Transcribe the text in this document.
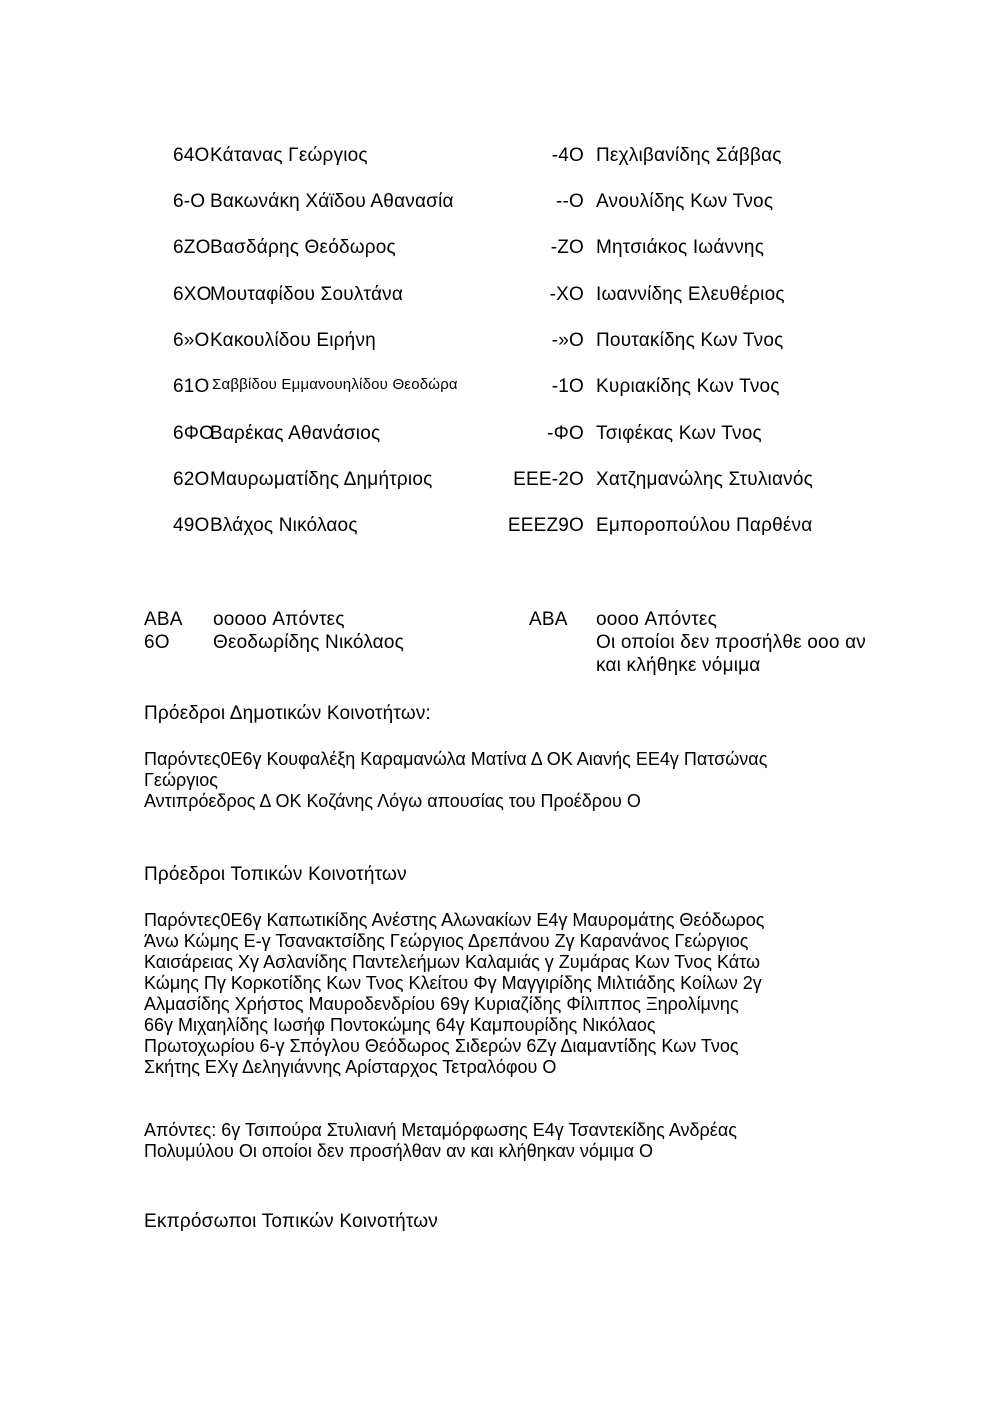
64Ο Κάτανας Γεώργιος
6-Ο Βακωνάκη Χάϊδου Αθανασία
6ΖΟ Βασδάρης Θεόδωρος
6ΧΟ
Μουταφίδου Σουλτάνα
6»Ο Κακουλίδου Ειρήνη
61Ο Σαββίδου Εμμανουηλίδου Θεοδώρα
6ΦΟ
Βαρέκας Αθανάσιος
62Ο Μαυρωματίδης Δημήτριος
49Ο Βλάχος Νικόλαος
-4Ο Πεχλιβανίδης Σάββας
--Ο Ανουλίδης Κων Τνος
-ΖΟ Μητσιάκος Ιωάννης
-ΧΟ Ιωαννίδης Ελευθέριος
-»Ο Πουτακίδης Κων Τνος
-1Ο Κυριακίδης Κων Τνος
-ΦΟ Τσιφέκας Κων Τνος
ΕΕΕ-2Ο Χατζημανώλης Στυλιανός
ΕΕΕΖ9Ο Εμποροπούλου Παρθένα
ΑΒΑ ooooo Απόντες
6Ο Θεοδωρίδης Νικόλαος
ΑΒΑ oooo Απόντες
Οι οποίοι δεν προσήλθε ooo αν
και κλήθηκε νόμιμα
Πρόεδροι Δημοτικών Κοινοτήτων:

Παρόντες0Ε6γ Κουφαλέξη Καραμανώλα Ματίνα Δ ΟΚ Αιανής ΕΕ4γ Πατσώνας

Γεώργιος

Αντιπρόεδρος Δ ΟΚ Κοζάνης Λόγω απουσίας του Προέδρου Ο

Πρόεδροι Τοπικών Κοινοτήτων

Παρόντες0Ε6γ Καπωτικίδης Ανέστης Αλωνακίων Ε4γ Μαυρομάτης Θεόδωρος

Άνω Κώμης Ε-γ Τσανακτσίδης Γεώργιος Δρεπάνου Ζγ Καρανάνος Γεώργιος

Καισάρειας Χγ Ασλανίδης Παντελεήμων Καλαμιάς γ Ζυμάρας Κων Τνος Κάτω

Κώμης Πγ Κορκοτίδης Κων Τνος Κλείτου Φγ Μαγγιρίδης Μιλτιάδης Κοίλων 2γ

Αλμασίδης Χρήστος Μαυροδενδρίου 69γ Κυριαζίδης Φίλιππος Ξηρολίμνης

66γ Μιχαηλίδης Ιωσήφ Ποντοκώμης 64γ Καμπουρίδης Νικόλαος

Πρωτοχωρίου 6-γ Σπόγλου Θεόδωρος Σιδερών 6Ζγ Διαμαντίδης Κων Τνος

Σκήτης ΕΧγ Δεληγιάννης Αρίσταρχος Τετραλόφου Ο

Απόντες: 6γ Τσιπούρα Στυλιανή Μεταμόρφωσης Ε4γ Τσαντεκίδης Ανδρέας

Πολυμύλου Οι οποίοι δεν προσήλθαν αν και κλήθηκαν νόμιμα Ο

Εκπρόσωποι Τοπικών Κοινοτήτων
